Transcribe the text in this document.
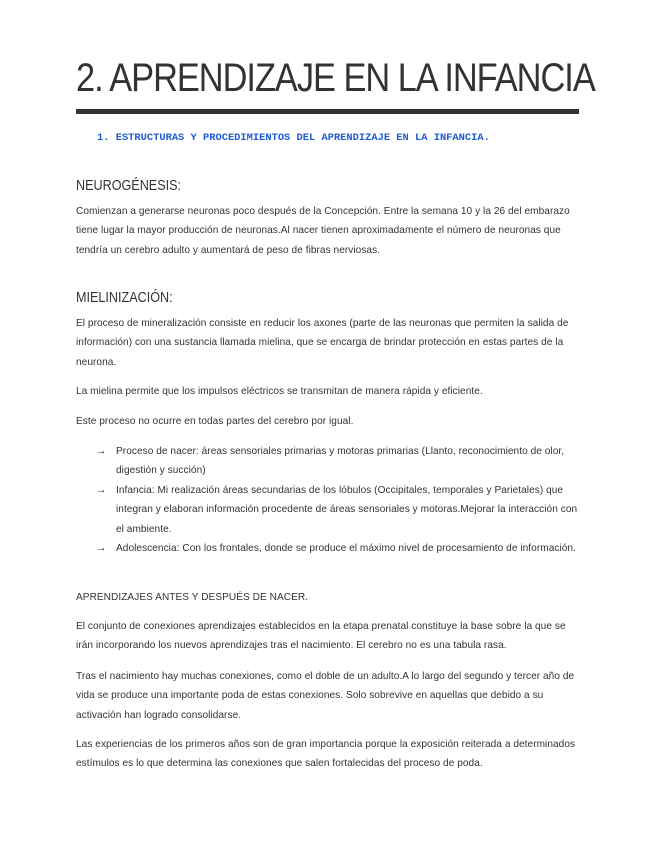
2. APRENDIZAJE EN LA INFANCIA

1. ESTRUCTURAS Y PROCEDIMIENTOS DEL APRENDIZAJE EN LA INFANCIA.

NEUROGÉNESIS:

Comienzan a generarse neuronas poco después de la Concepción. Entre la semana 10 y la 26 del embarazo tiene lugar la mayor producción de neuronas.Al nacer tienen aproximadamente el número de neuronas que tendría un cerebro adulto y aumentará de peso de fibras nerviosas.

MIELINIZACIÓN:

El proceso de mineralización consiste en reducir los axones (parte de las neuronas que permiten la salida de información) con una sustancia llamada mielina, que se encarga de brindar protección en estas partes de la neurona.

La mielina permite que los impulsos eléctricos se transmitan de manera rápida y eficiente.

Este proceso no ocurre en todas partes del cerebro por igual.

→ Proceso de nacer: áreas sensoriales primarias y motoras primarias (Llanto, reconocimiento de olor, digestión y succión)
→ Infancia: Mi realización áreas secundarias de los lóbulos (Occipitales, temporales y Parietales) que integran y elaboran información procedente de áreas sensoriales y motoras.Mejorar la interacción con el ambiente.
→ Adolescencia: Con los frontales, donde se produce el máximo nivel de procesamiento de información.

APRENDIZAJES ANTES Y DESPUÉS DE NACER.

El conjunto de conexiones aprendizajes establecidos en la etapa prenatal constituye la base sobre la que se irán incorporando los nuevos aprendizajes tras el nacimiento. El cerebro no es una tabula rasa.

Tras el nacimiento hay muchas conexiones, como el doble de un adulto.A lo largo del segundo y tercer año de vida se produce una importante poda de estas conexiones. Solo sobrevive en aquellas que debido a su activación han logrado consolidarse.

Las experiencias de los primeros años son de gran importancia porque la exposición reiterada a determinados estímulos es lo que determina las conexiones que salen fortalecidas del proceso de poda.
